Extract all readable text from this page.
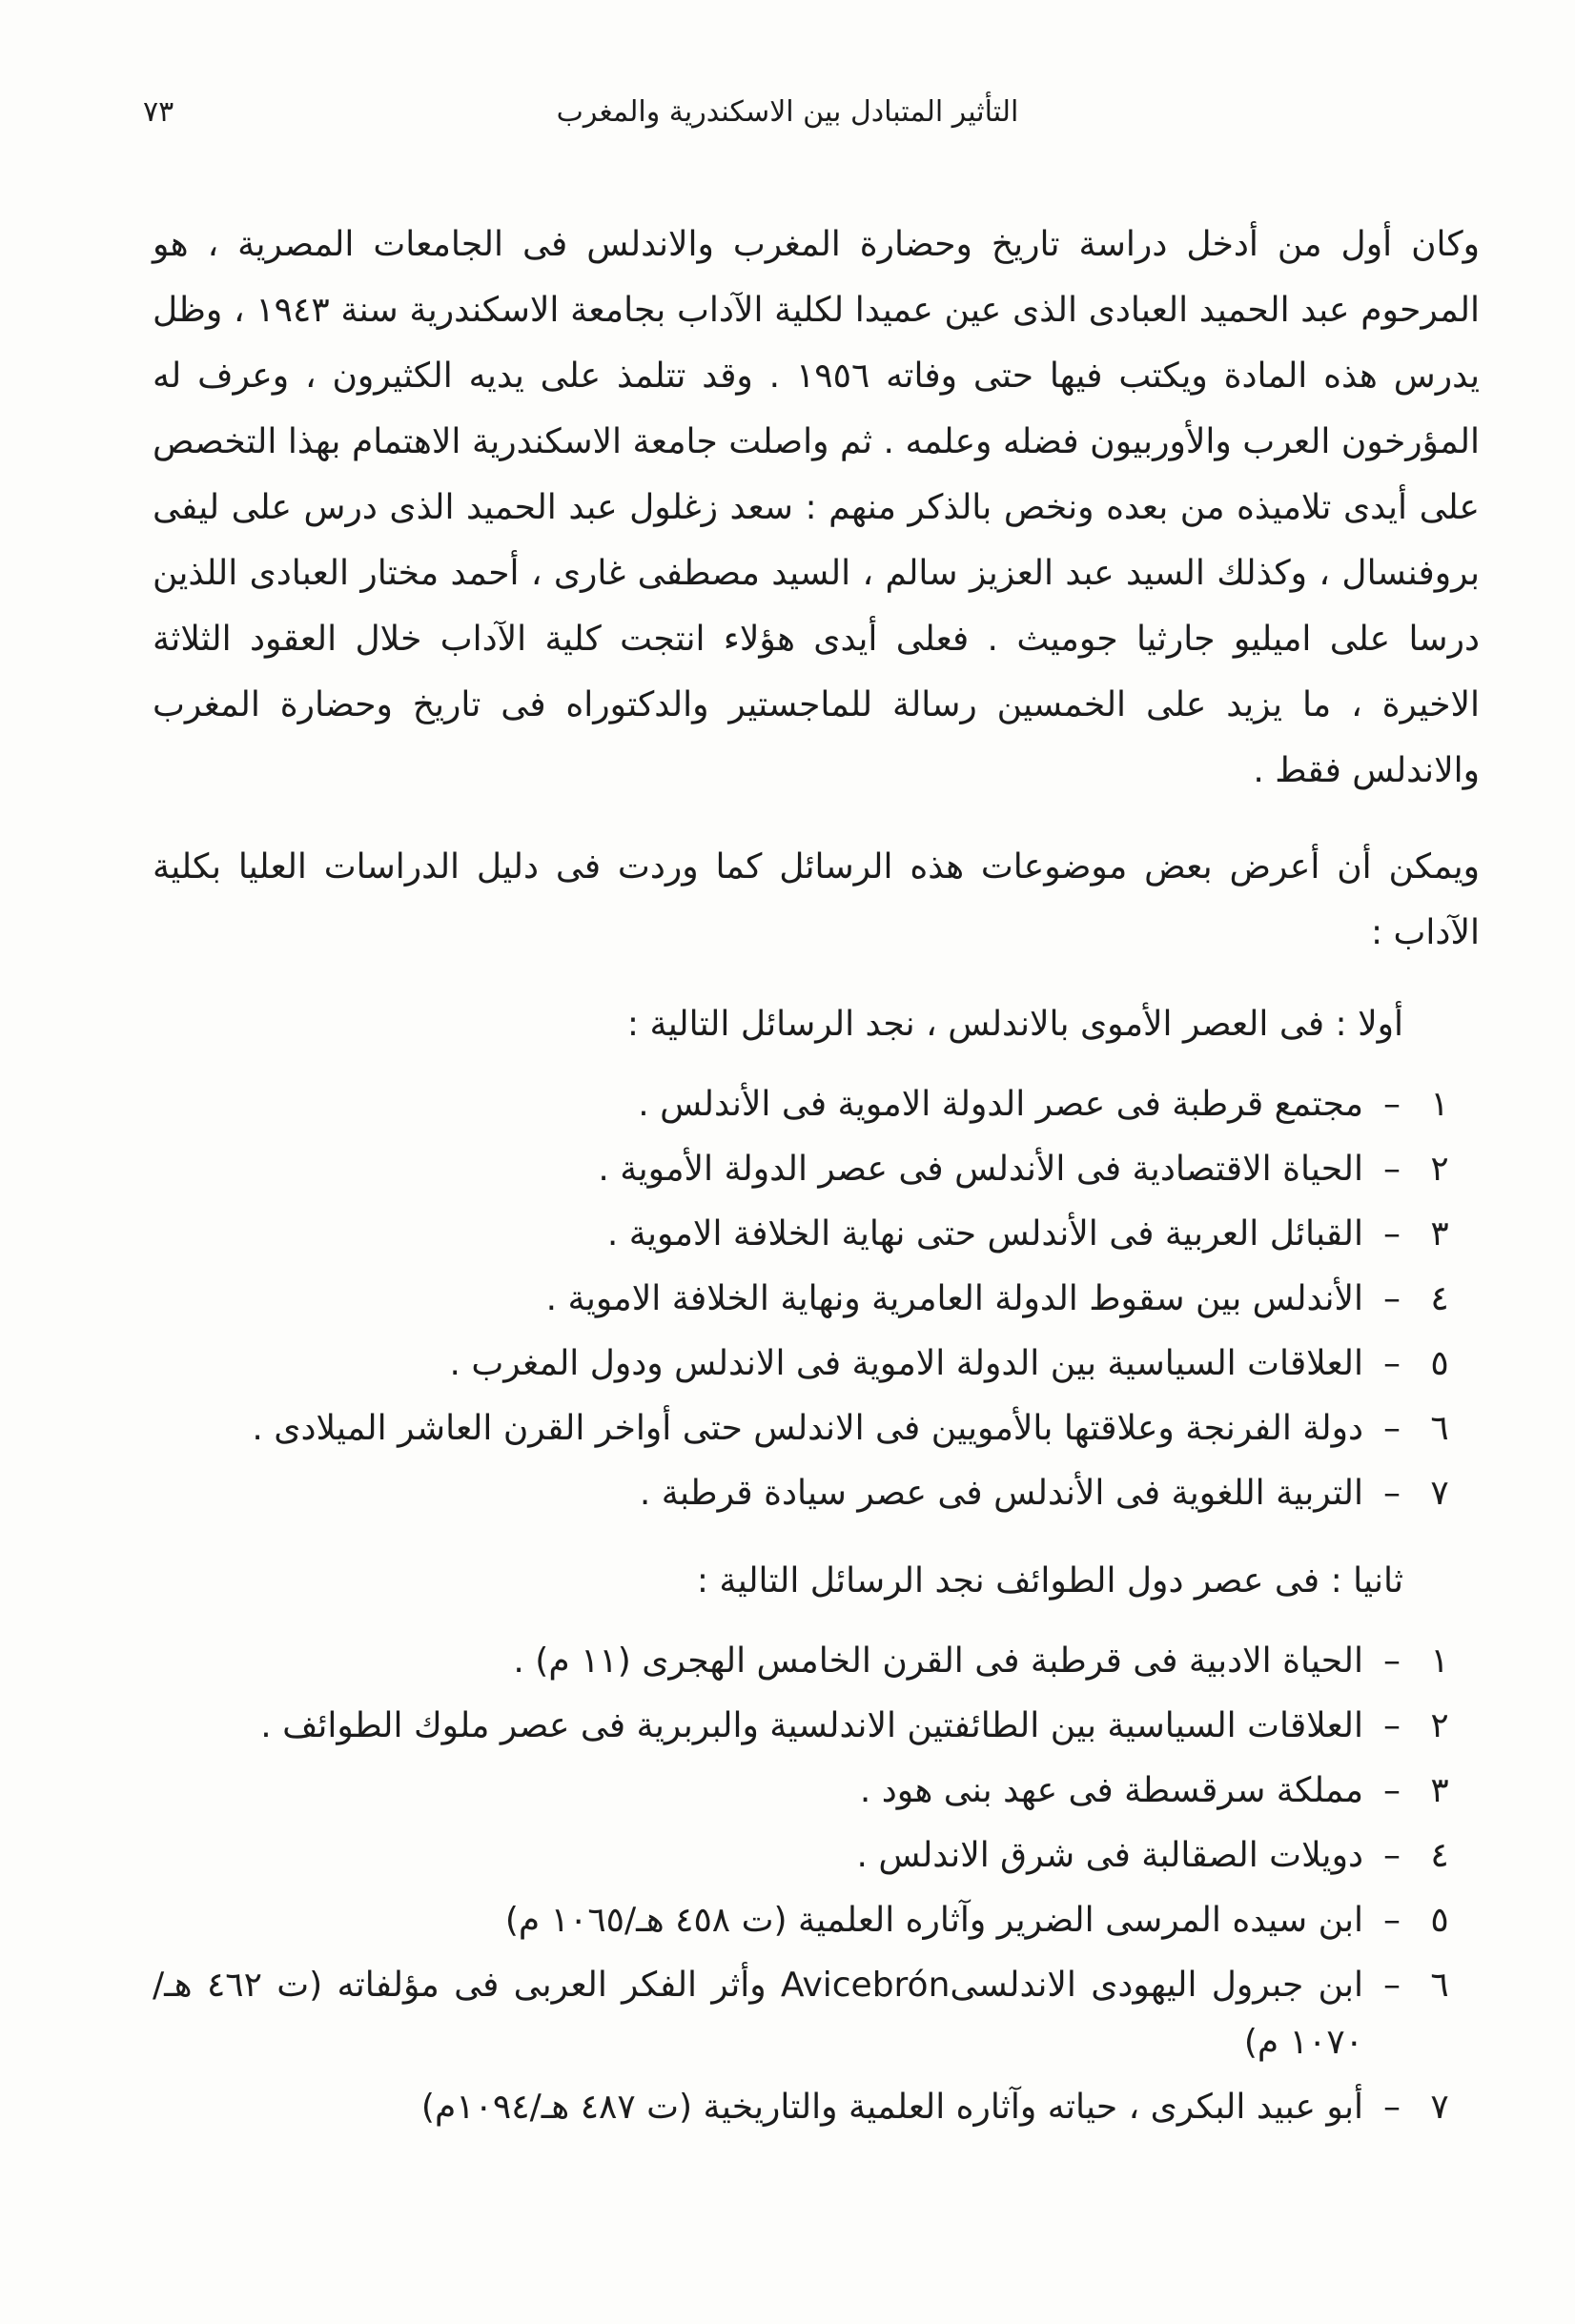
التأثير المتبادل بين الاسكندرية والمغرب
٧٣

وكان أول من أدخل دراسة تاريخ وحضارة المغرب والاندلس فى الجامعات المصرية ، هو المرحوم عبد الحميد العبادى الذى عين عميدا لكلية الآداب بجامعة الاسكندرية سنة ١٩٤٣ ، وظل يدرس هذه المادة ويكتب فيها حتى وفاته ١٩٥٦ . وقد تتلمذ على يديه الكثيرون ، وعرف له المؤرخون العرب والأوربيون فضله وعلمه . ثم واصلت جامعة الاسكندرية الاهتمام بهذا التخصص على أيدى تلاميذه من بعده ونخص بالذكر منهم : سعد زغلول عبد الحميد الذى درس على ليفى بروفنسال ، وكذلك السيد عبد العزيز سالم ، السيد مصطفى غارى ، أحمد مختار العبادى اللذين درسا على اميليو جارثيا جوميث . فعلى أيدى هؤلاء انتجت كلية الآداب خلال العقود الثلاثة الاخيرة ، ما يزيد على الخمسين رسالة للماجستير والدكتوراه فى تاريخ وحضارة المغرب والاندلس فقط .

ويمكن أن أعرض بعض موضوعات هذه الرسائل كما وردت فى دليل الدراسات العليا بكلية الآداب :

أولا : فى العصر الأموى بالاندلس ، نجد الرسائل التالية :
١
–
مجتمع قرطبة فى عصر الدولة الاموية فى الأندلس .
٢
–
الحياة الاقتصادية فى الأندلس فى عصر الدولة الأموية .
٣
–
القبائل العربية فى الأندلس حتى نهاية الخلافة الاموية .
٤
–
الأندلس بين سقوط الدولة العامرية ونهاية الخلافة الاموية .
٥
–
العلاقات السياسية بين الدولة الاموية فى الاندلس ودول المغرب .
٦
–
دولة الفرنجة وعلاقتها بالأمويين فى الاندلس حتى أواخر القرن العاشر الميلادى .
٧
–
التربية اللغوية فى الأندلس فى عصر سيادة قرطبة .
ثانيا : فى عصر دول الطوائف نجد الرسائل التالية :
١
–
الحياة الادبية فى قرطبة فى القرن الخامس الهجرى (١١ م) .
٢
–
العلاقات السياسية بين الطائفتين الاندلسية والبربرية فى عصر ملوك الطوائف .
٣
–
مملكة سرقسطة فى عهد بنى هود .
٤
–
دويلات الصقالبة فى شرق الاندلس .
٥
–
ابن سيده المرسى الضرير وآثاره العلمية (ت ٤٥٨ هـ/١٠٦٥ م)
٦
–
ابن جبرول اليهودى الاندلسىAvicebrón وأثر الفكر العربى فى مؤلفاته (ت ٤٦٢ هـ/١٠٧٠ م)
٧
–
أبو عبيد البكرى ، حياته وآثاره العلمية والتاريخية (ت ٤٨٧ هـ/١٠٩٤م)
